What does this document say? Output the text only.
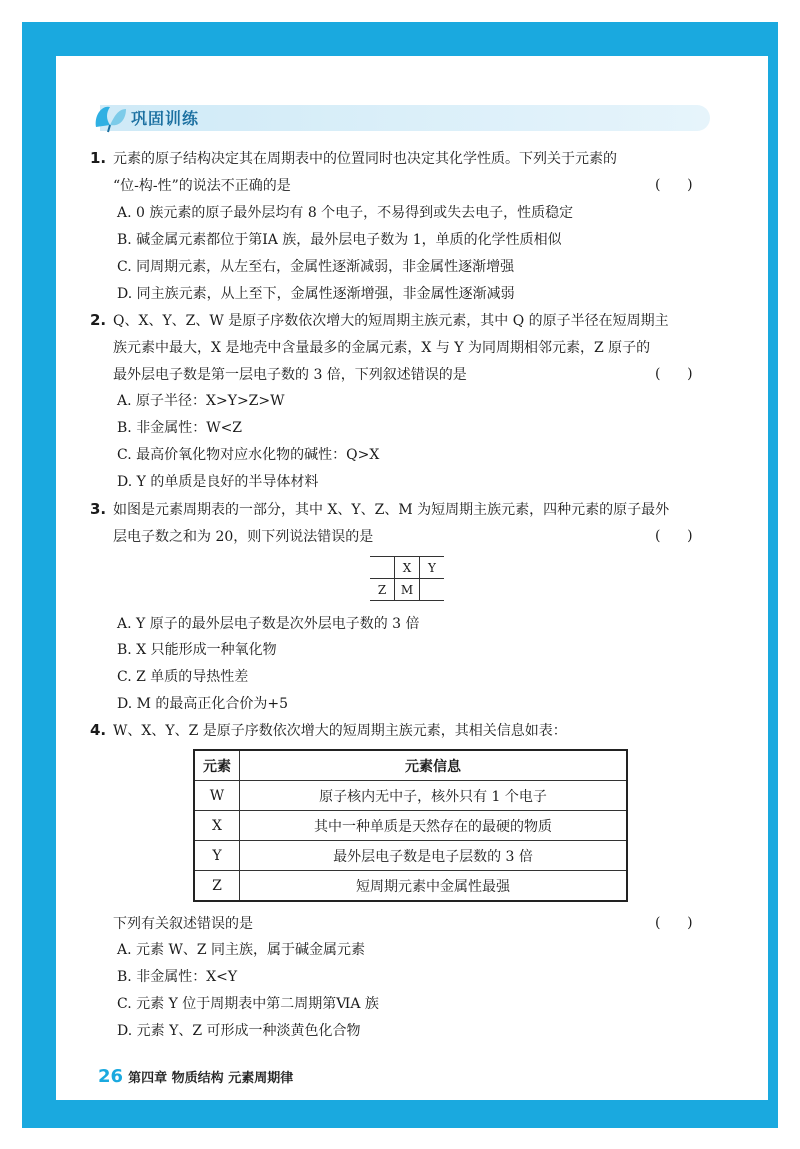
巩固训练
1. 元素的原子结构决定其在周期表中的位置同时也决定其化学性质。下列关于元素的
“位-构-性”的说法不正确的是	(      )
A. 0 族元素的原子最外层均有 8 个电子，不易得到或失去电子，性质稳定
B. 碱金属元素都位于第ⅠA 族，最外层电子数为 1，单质的化学性质相似
C. 同周期元素，从左至右，金属性逐渐减弱，非金属性逐渐增强
D. 同主族元素，从上至下，金属性逐渐增强，非金属性逐渐减弱
2. Q、X、Y、Z、W 是原子序数依次增大的短周期主族元素，其中 Q 的原子半径在短周期主
族元素中最大，X 是地壳中含量最多的金属元素，X 与 Y 为同周期相邻元素，Z 原子的
最外层电子数是第一层电子数的 3 倍，下列叙述错误的是	(      )
A. 原子半径：X>Y>Z>W
B. 非金属性：W<Z
C. 最高价氧化物对应水化物的碱性：Q>X
D. Y 的单质是良好的半导体材料
3. 如图是元素周期表的一部分，其中 X、Y、Z、M 为短周期主族元素，四种元素的原子最外
层电子数之和为 20，则下列说法错误的是	(      )
	X	Y
Z	M	
A. Y 原子的最外层电子数是次外层电子数的 3 倍
B. X 只能形成一种氧化物
C. Z 单质的导热性差
D. M 的最高正化合价为+5
4. W、X、Y、Z 是原子序数依次增大的短周期主族元素，其相关信息如表：
元素	元素信息
W	原子核内无中子，核外只有 1 个电子
X	其中一种单质是天然存在的最硬的物质
Y	最外层电子数是电子层数的 3 倍
Z	短周期元素中金属性最强
下列有关叙述错误的是	(      )
A. 元素 W、Z 同主族，属于碱金属元素
B. 非金属性：X<Y
C. 元素 Y 位于周期表中第二周期第ⅥA 族
D. 元素 Y、Z 可形成一种淡黄色化合物
26 第四章 物质结构 元素周期律
